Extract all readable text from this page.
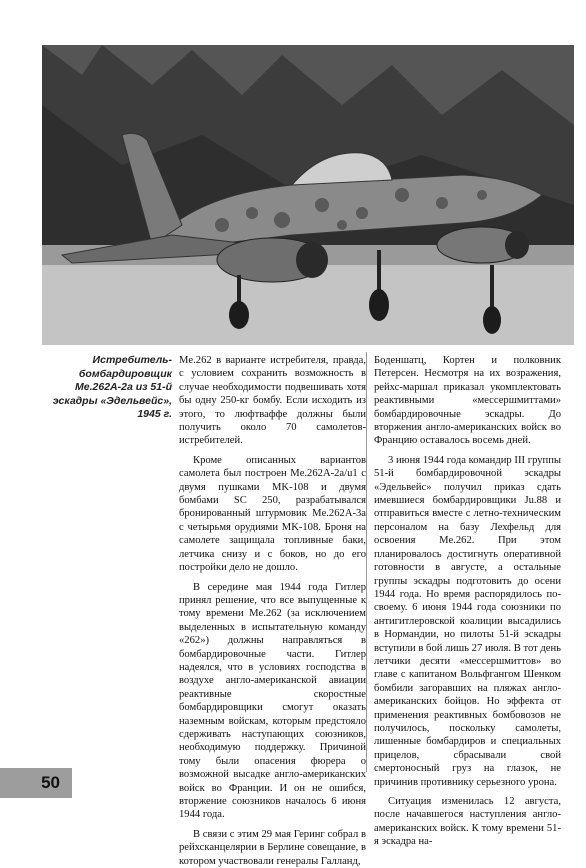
Истребитель-
бомбардировщик
Me.262A-2a из 51-й
эскадры «Эдельвейс»,
1945 г.

Me.262 в варианте истребителя, правда, с условием сохранить возможность в случае необходимости подвешивать хотя бы одну 250-кг бомбу. Если исходить из этого, то люфтваффе должны были получить около 70 самолетов-истребителей.

Кроме описанных вариантов самолета был построен Me.262A-2a/u1 с двумя пушками MK-108 и двумя бомбами SC 250, разрабатывался бронированный штурмовик Me.262A-3a с четырьмя орудиями MK-108. Броня на самолете защищала топливные баки, летчика снизу и с боков, но до его постройки дело не дошло.

В середине мая 1944 года Гитлер принял решение, что все выпущенные к тому времени Me.262 (за исключением выделенных в испытательную команду «262») должны направляться в бомбардировочные части. Гитлер надеялся, что в условиях господства в воздухе англо-американской авиации реактивные скоростные бомбардировщики смогут оказать наземным войскам, которым предстояло сдерживать наступающих союзников, необходимую поддержку. Причиной тому были опасения фюрера о возможной высадке англо-американских войск во Франции. И он не ошибся, вторжение союзников началось 6 июня 1944 года.

В связи с этим 29 мая Геринг собрал в рейхсканцелярии в Берлине совещание, в котором участвовали генералы Галланд,

Боденшатц, Кортен и полковник Петерсен. Несмотря на их возражения, рейхс-маршал приказал укомплектовать реактивными «мессершмиттами» бомбардировочные эскадры. До вторжения англо-американских войск во Францию оставалось восемь дней.

3 июня 1944 года командир III группы 51-й бомбардировочной эскадры «Эдельвейс» получил приказ сдать имевшиеся бомбардировщики Ju.88 и отправиться вместе с летно-техническим персоналом на базу Лехфельд для освоения Me.262. При этом планировалось достигнуть оперативной готовности в августе, а остальные группы эскадры подготовить до осени 1944 года. Но время распорядилось по-своему. 6 июня 1944 года союзники по антигитлеровской коалиции высадились в Нормандии, но пилоты 51-й эскадры вступили в бой лишь 27 июля. В тот день летчики десяти «мессершмиттов» во главе с капитаном Вольфгангом Шенком бомбили загоравших на пляжах англо-американских бойцов. Но эффекта от применения реактивных бомбовозов не получилось, поскольку самолеты, лишенные бомбардиров и специальных прицелов, сбрасывали свой смертоносный груз на глазок, не причинив противнику серьезного урона.

Ситуация изменилась 12 августа, после начавшегося наступления англо-американских войск. К тому времени 51-я эскадра на-

50
